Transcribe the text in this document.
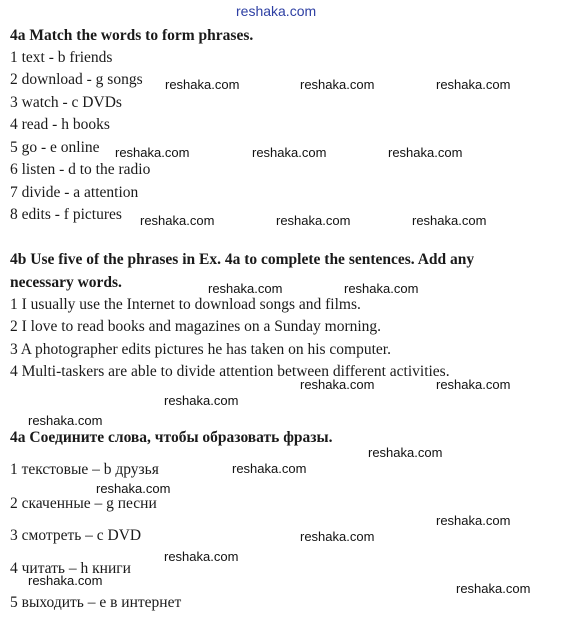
reshaka.com
4a Match the words to form phrases.
1 text - b friends
2 download - g songs
3 watch - c DVDs
4 read - h books
5 go - e online
6 listen - d to the radio
7 divide - a attention
8 edits - f pictures
4b Use five of the phrases in Ex. 4a to complete the sentences. Add any
necessary words.
1 I usually use the Internet to download songs and films.
2 I love to read books and magazines on a Sunday morning.
3 A photographer edits pictures he has taken on his computer.
4 Multi-taskers are able to divide attention between different activities.
4а Соедините слова, чтобы образовать фразы.
1 текстовые – b друзья
2 скаченные – g песни
3 смотреть – c DVD
4 читать – h книги
5 выходить – е в интернет
reshaka.com	reshaka.com	reshaka.com
reshaka.com	reshaka.com	reshaka.com
reshaka.com	reshaka.com	reshaka.com
reshaka.com	reshaka.com
reshaka.com	reshaka.com
reshaka.com
reshaka.com
reshaka.com
reshaka.com
reshaka.com
reshaka.com
reshaka.com
reshaka.com
reshaka.com
reshaka.com
